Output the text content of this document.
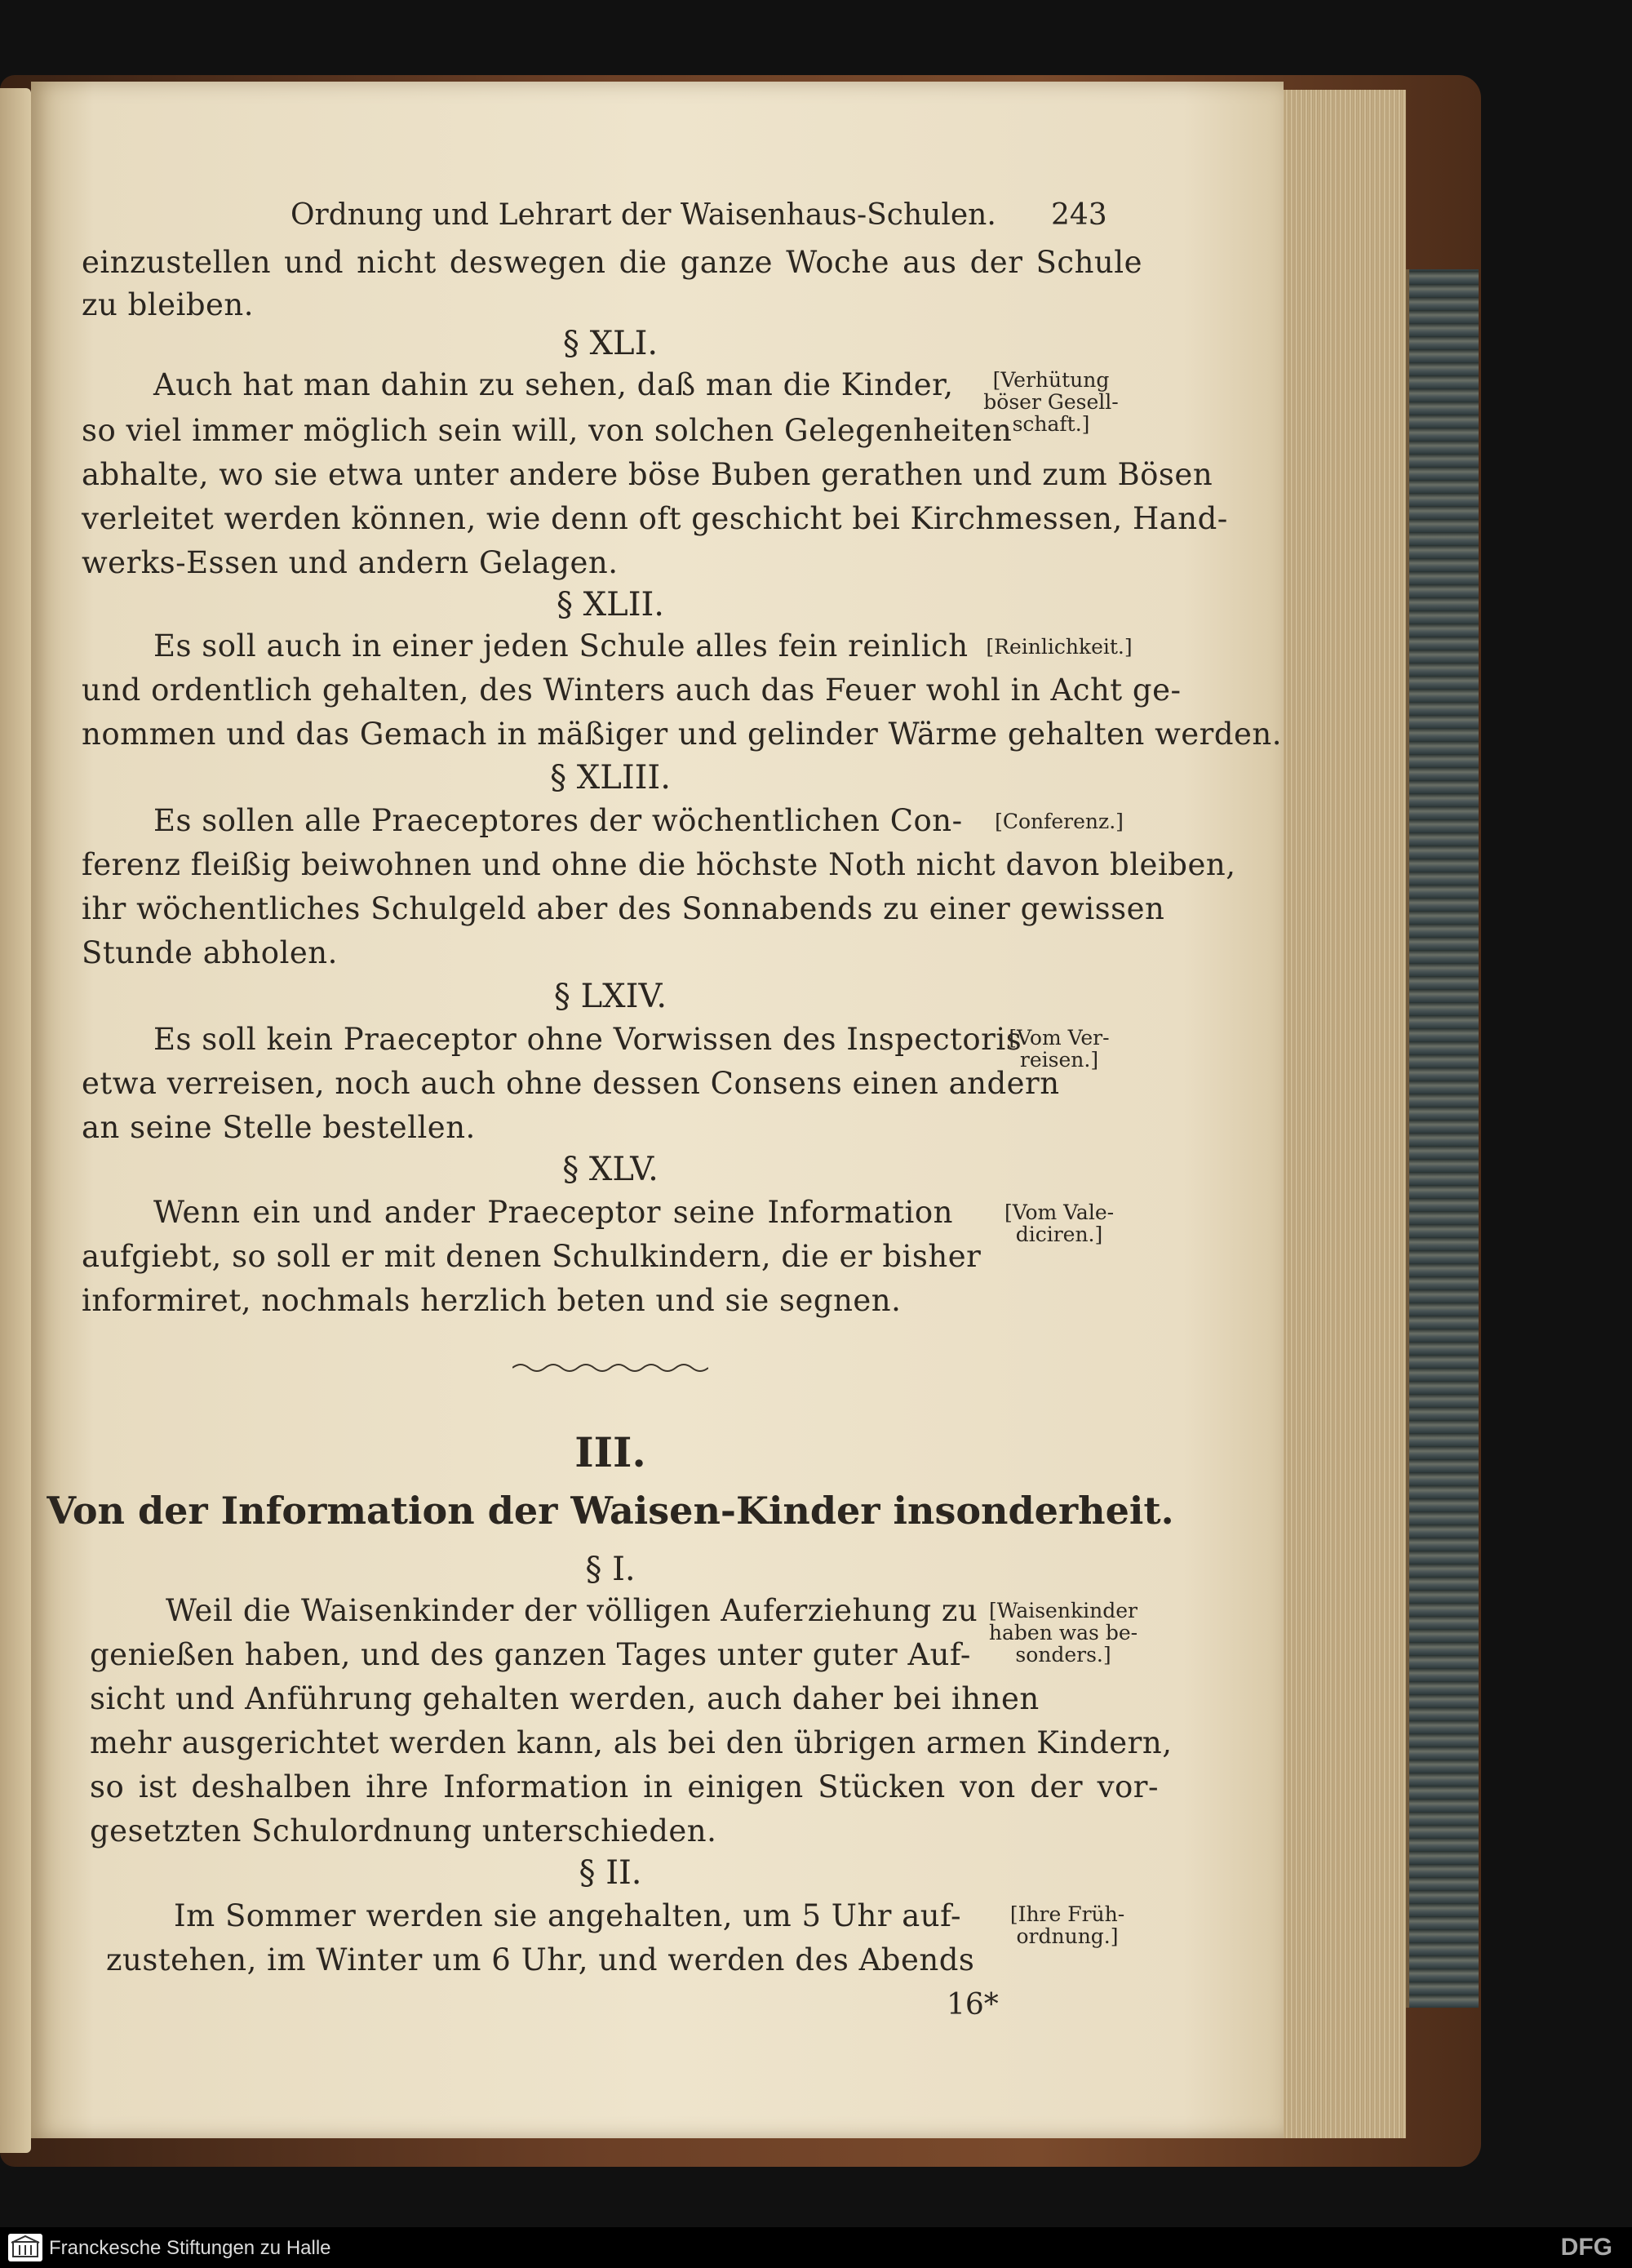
Ordnung und Lehrart der Waisenhaus-Schulen. 243
einzustellen und nicht deswegen die ganze Woche aus der Schule
zu bleiben.
§ XLI.
Auch hat man dahin zu sehen, daß man die Kinder,
so viel immer möglich sein will, von solchen Gelegenheiten
abhalte, wo sie etwa unter andere böse Buben gerathen und zum Bösen
verleitet werden können, wie denn oft geschicht bei Kirchmessen, Hand-
werks-Essen und andern Gelagen.
§ XLII.
[Verhütung
böser Gesell-
schaft.]
Es soll auch in einer jeden Schule alles fein reinlich [Reinlichkeit.]
und ordentlich gehalten, des Winters auch das Feuer wohl in Acht ge-
nommen und das Gemach in mäßiger und gelinder Wärme gehalten werden.
§ XLIII.
Es sollen alle Praeceptores der wöchentlichen Con-	[Conferenz.]
ferenz fleißig beiwohnen und ohne die höchste Noth nicht davon bleiben,
ihr wöchentliches Schulgeld aber des Sonnabends zu einer gewissen
Stunde abholen.
§ LXIV.
Es soll kein Praeceptor ohne Vorwissen des Inspectoris
[Vom Ver-
reisen.]
etwa verreisen, noch auch ohne dessen Consens einen andern
an seine Stelle bestellen.
§ XLV.
Wenn ein und ander Praeceptor seine Information	[Vom Vale-
diciren.]
aufgiebt, so soll er mit denen Schulkindern, die er bisher
informiret, nochmals herzlich beten und sie segnen.
III.
Von der Information der Waisen-Kinder insonderheit.
§ I.
Weil die Waisenkinder der völligen Auferziehung zu [Waisenkinder
haben was be-
sonders.]
genießen haben, und des ganzen Tages unter guter Auf-
sicht und Anführung gehalten werden, auch daher bei ihnen
mehr ausgerichtet werden kann, als bei den übrigen armen Kindern,
so ist deshalben ihre Information in einigen Stücken von der vor-
gesetzten Schulordnung unterschieden.
§ II.
Im Sommer werden sie angehalten, um 5 Uhr auf-	[Ihre Früh-
ordnung.]
zustehen, im Winter um 6 Uhr, und werden des Abends
16*
Franckesche Stiftungen zu Halle	DFG
